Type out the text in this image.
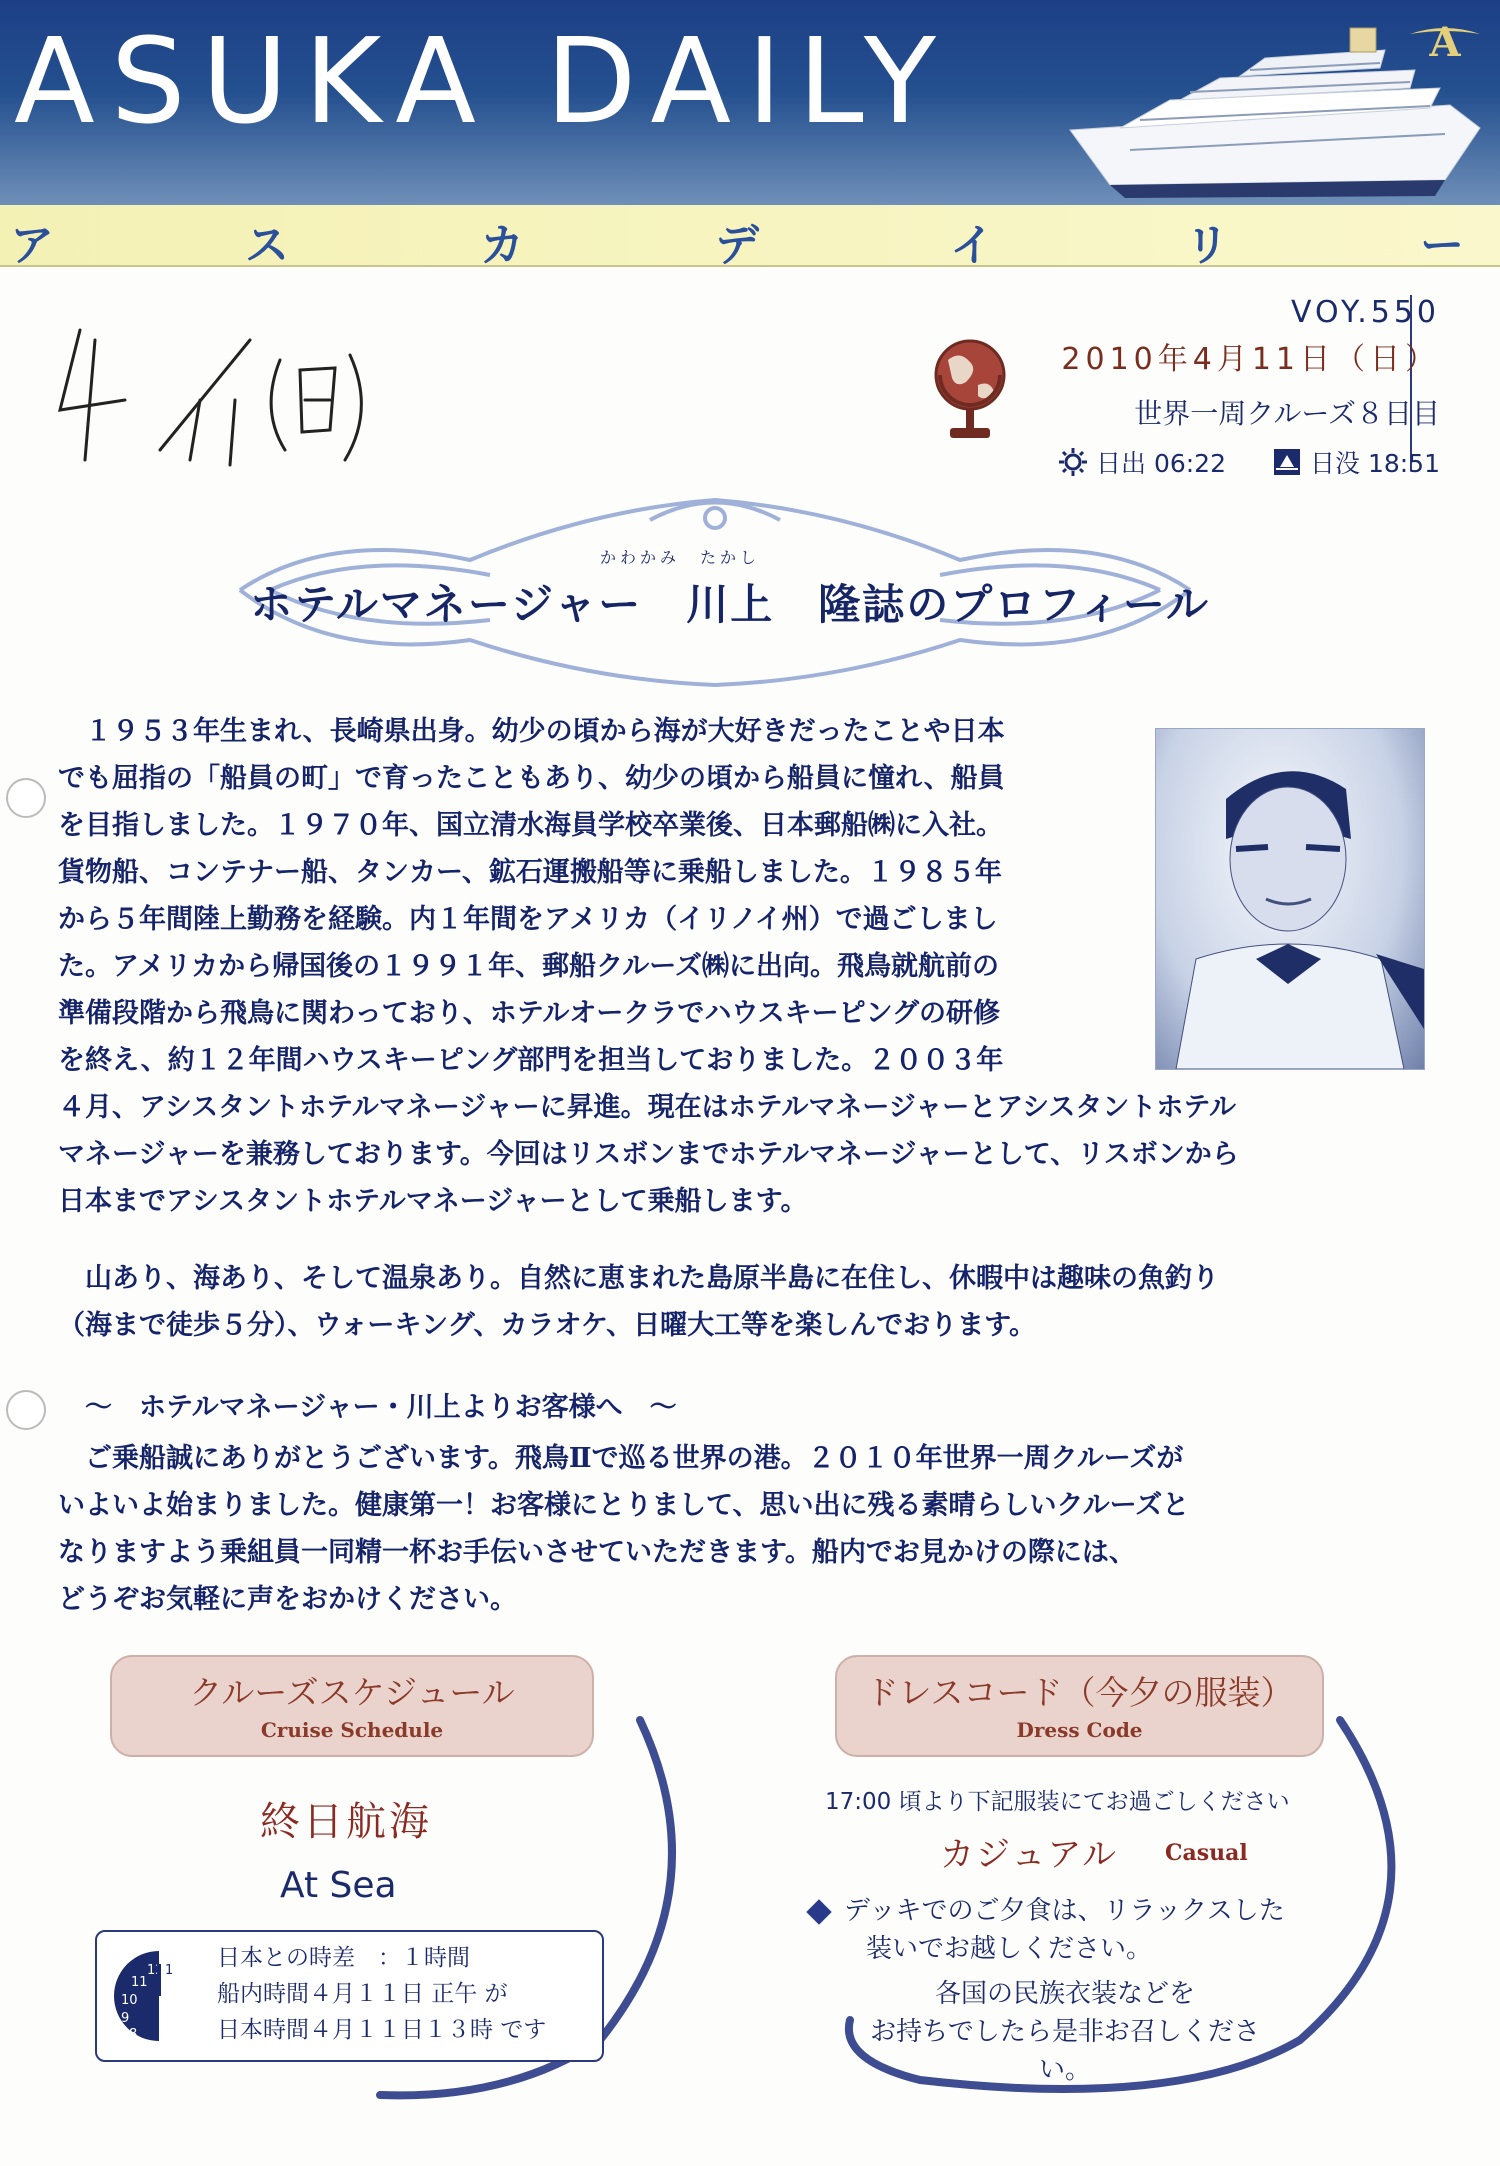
ASUKA DAILY	A
ア	ス	カ	デ	イ	リ	ー
VOY.550
2010年4月11日（日）
世界一周クルーズ８日目
日出 06:22	日没 18:51
かわかみ　たかし
ホテルマネージャー　川上　隆誌のプロフィール
　１９５３年生まれ、長崎県出身。幼少の頃から海が大好きだったことや日本
でも屈指の「船員の町」で育ったこともあり、幼少の頃から船員に憧れ、船員
を目指しました。１９７０年、国立清水海員学校卒業後、日本郵船㈱に入社。
貨物船、コンテナー船、タンカー、鉱石運搬船等に乗船しました。１９８５年
から５年間陸上勤務を経験。内１年間をアメリカ（イリノイ州）で過ごしまし
た。アメリカから帰国後の１９９１年、郵船クルーズ㈱に出向。飛鳥就航前の
準備段階から飛鳥に関わっており、ホテルオークラでハウスキーピングの研修
を終え、約１２年間ハウスキーピング部門を担当しておりました。２００３年
４月、アシスタントホテルマネージャーに昇進。現在はホテルマネージャーとアシスタントホテル
マネージャーを兼務しております。今回はリスボンまでホテルマネージャーとして、リスボンから
日本までアシスタントホテルマネージャーとして乗船します。
　山あり、海あり、そして温泉あり。自然に恵まれた島原半島に在住し、休暇中は趣味の魚釣り
（海まで徒歩５分）、ウォーキング、カラオケ、日曜大工等を楽しんでおります。
～　ホテルマネージャー・川上よりお客様へ　～
　ご乗船誠にありがとうございます。飛鳥Ⅱで巡る世界の港。２０１０年世界一周クルーズが
いよいよ始まりました。健康第一！お客様にとりまして、思い出に残る素晴らしいクルーズと
なりますよう乗組員一同精一杯お手伝いさせていただきます。船内でお見かけの際には、
どうぞお気軽に声をおかけください。
クルーズスケジュール
Cruise Schedule
終日航海
At Sea
12
11
10
9
8
1 日本との時差　：１時間
船内時間４月１１日 正午 が
日本時間４月１１日１３時 です
ドレスコード（今夕の服装）
Dress Code
17:00 頃より下記服装にてお過ごしください
カジュアル Casual
デッキでのご夕食は、リラックスした
装いでお越しください。
各国の民族衣装などを
お持ちでしたら是非お召しください。
